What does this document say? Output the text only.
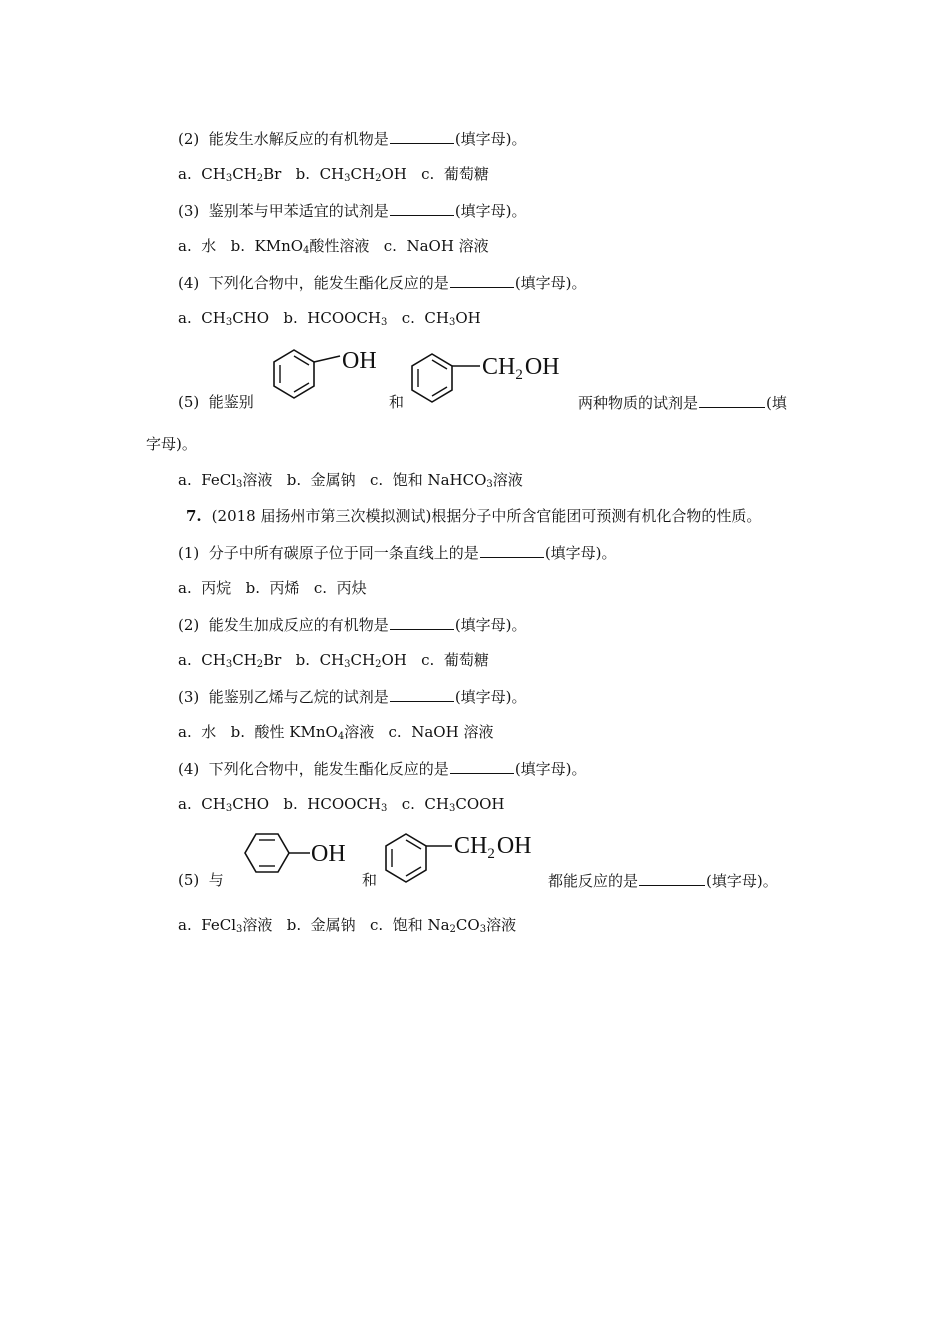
(2) 能发生水解反应的有机物是	(填字母)。
a. $CH_3CH_2Br$ b. $CH_3CH_2OH$ c. 葡萄糖
(3) 鉴别苯与甲苯适宜的试剂是	(填字母)。
a. 水 b. KMnO$_4$酸性溶液 c. NaOH 溶液
(4) 下列化合物中，能发生酯化反应的是	(填字母)。
a. $CH_3CHO$ b. $HCOOCH_3$ c. $CH_3OH$
OH	$CH_2OH$
(5) 能鉴别	和	两种物质的试剂是	(填
字母)。
a. FeCl$_3$溶液 b. 金属钠 c. 饱和 NaHCO$_3$溶液
7. (2018 届扬州市第三次模拟测试)根据分子中所含官能团可预测有机化合物的性质。
(1) 分子中所有碳原子位于同一条直线上的是	(填字母)。
a. 丙烷 b. 丙烯 c. 丙炔
(2) 能发生加成反应的有机物是	(填字母)。
a. $CH_3CH_2Br$ b. $CH_3CH_2OH$ c. 葡萄糖
(3) 能鉴别乙烯与乙烷的试剂是	(填字母)。
a. 水 b. 酸性 KMnO$_4$溶液 c. NaOH 溶液
(4) 下列化合物中，能发生酯化反应的是	(填字母)。
a. $CH_3CHO$ b. $HCOOCH_3$ c. $CH_3COOH$
OH	$CH_2OH$
(5) 与	和	都能反应的是	(填字母)。
a. FeCl$_3$溶液 b. 金属钠 c. 饱和 $Na_2CO_3$溶液
